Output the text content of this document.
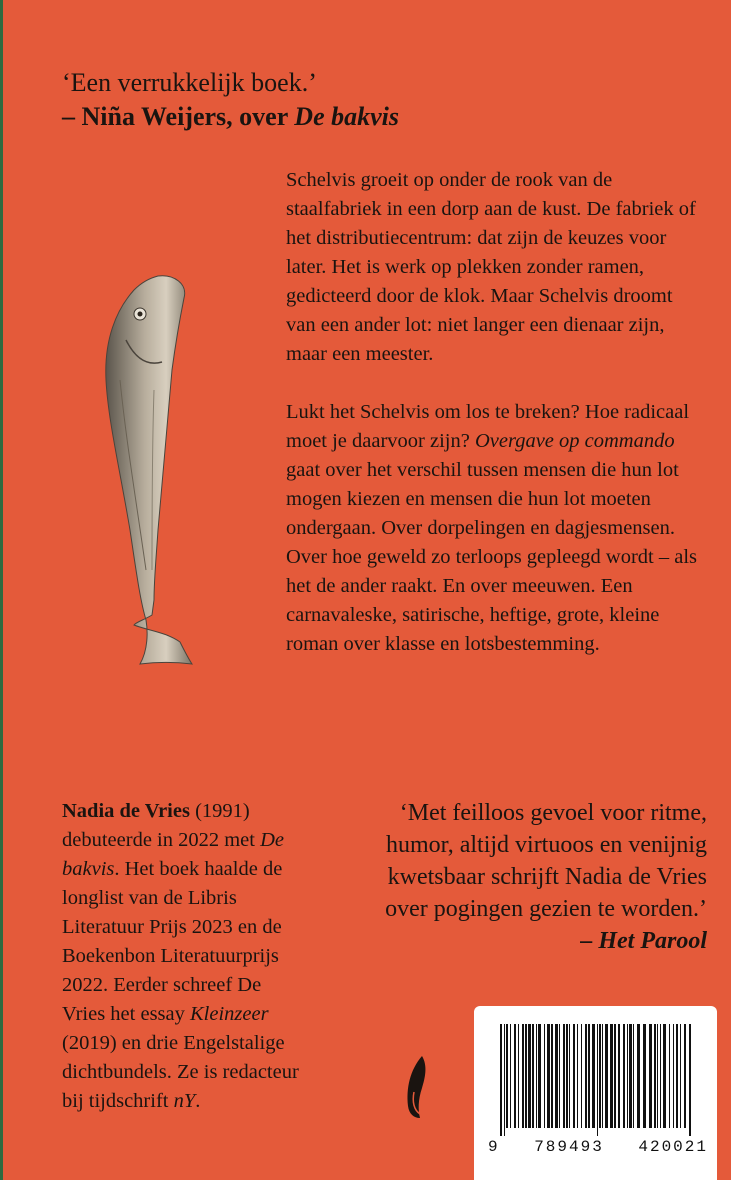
‘Een verrukkelijk boek.’
– Niña Weijers, over De bakvis

Schelvis groeit op onder de rook van de staalfabriek in een dorp aan de kust. De fabriek of het distributiecentrum: dat zijn de keuzes voor later. Het is werk op plekken zonder ramen, gedicteerd door de klok. Maar Schelvis droomt van een ander lot: niet langer een dienaar zijn, maar een meester.

Lukt het Schelvis om los te breken? Hoe radicaal moet je daarvoor zijn? Overgave op commando gaat over het verschil tussen mensen die hun lot mogen kiezen en mensen die hun lot moeten ondergaan. Over dorpelingen en dagjesmensen. Over hoe geweld zo terloops gepleegd wordt – als het de ander raakt. En over meeuwen. Een carnavaleske, satirische, heftige, grote, kleine roman over klasse en lotsbestemming.

Nadia de Vries (1991) debuteerde in 2022 met De bakvis. Het boek haalde de longlist van de Libris Literatuur Prijs 2023 en de Boekenbon Literatuurprijs 2022. Eerder schreef De Vries het essay Kleinzeer (2019) en drie Engelstalige dichtbundels. Ze is redacteur bij tijdschrift nY.
‘Met feilloos gevoel voor ritme,
humor, altijd virtuoos en venijnig
kwetsbaar schrijft Nadia de Vries
over pogingen gezien te worden.’
– Het Parool
9 789493 420021
